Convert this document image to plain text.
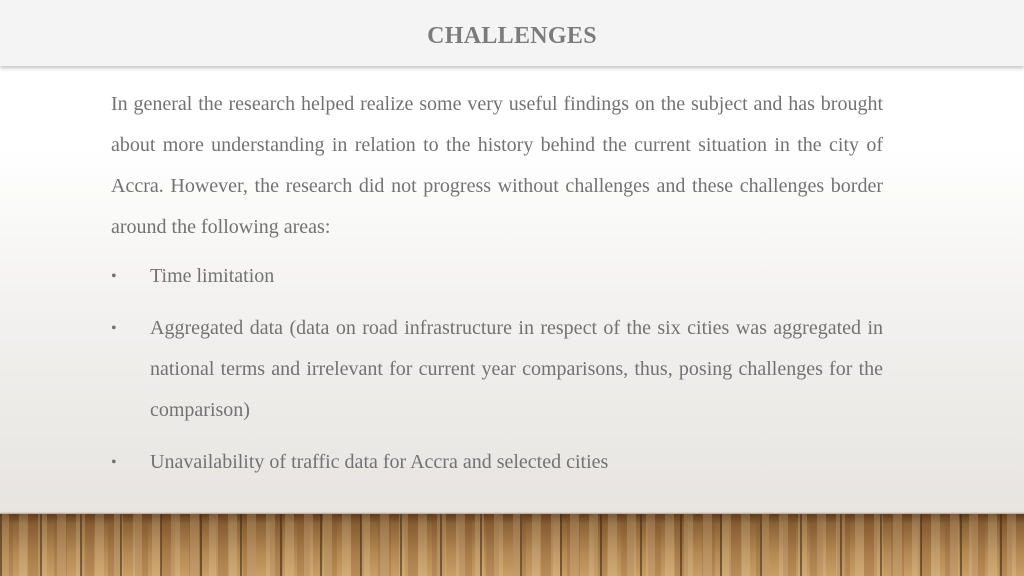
CHALLENGES

In general the research helped realize some very useful findings on the subject and has brought about more understanding in relation to the history behind the current situation in the city of Accra. However, the research did not progress without challenges and these challenges border around the following areas:

• Time limitation
• Aggregated data (data on road infrastructure in respect of the six cities was aggregated in national terms and irrelevant for current year comparisons, thus, posing challenges for the comparison)
• Unavailability of traffic data for Accra and selected cities
